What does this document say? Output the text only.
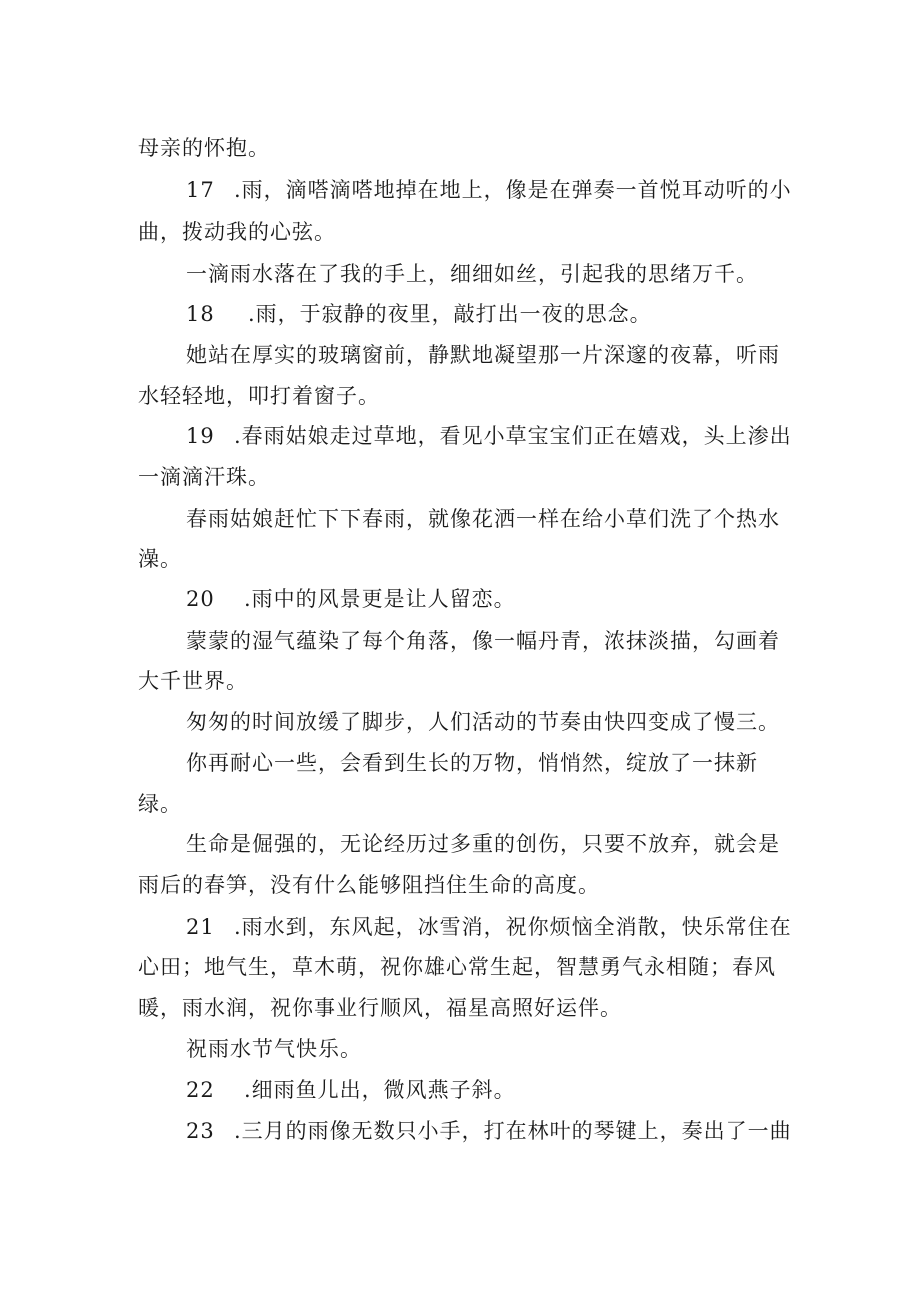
母亲的怀抱。
17 .雨，滴嗒滴嗒地掉在地上，像是在弹奏一首悦耳动听的小
曲，拨动我的心弦。
一滴雨水落在了我的手上，细细如丝，引起我的思绪万千。
18 .雨，于寂静的夜里，敲打出一夜的思念。
她站在厚实的玻璃窗前，静默地凝望那一片深邃的夜幕，听雨
水轻轻地，叩打着窗子。
19 .春雨姑娘走过草地，看见小草宝宝们正在嬉戏，头上渗出
一滴滴汗珠。
春雨姑娘赶忙下下春雨，就像花洒一样在给小草们洗了个热水
澡。
20 .雨中的风景更是让人留恋。
蒙蒙的湿气蕴染了每个角落，像一幅丹青，浓抹淡描，勾画着
大千世界。
匆匆的时间放缓了脚步，人们活动的节奏由快四变成了慢三。
你再耐心一些，会看到生长的万物，悄悄然，绽放了一抹新
绿。
生命是倔强的，无论经历过多重的创伤，只要不放弃，就会是
雨后的春笋，没有什么能够阻挡住生命的高度。
21 .雨水到，东风起，冰雪消，祝你烦恼全消散，快乐常住在
心田；地气生，草木萌，祝你雄心常生起，智慧勇气永相随；春风
暖，雨水润，祝你事业行顺风，福星高照好运伴。
祝雨水节气快乐。
22 .细雨鱼儿出，微风燕子斜。
23 .三月的雨像无数只小手，打在林叶的琴键上，奏出了一曲
